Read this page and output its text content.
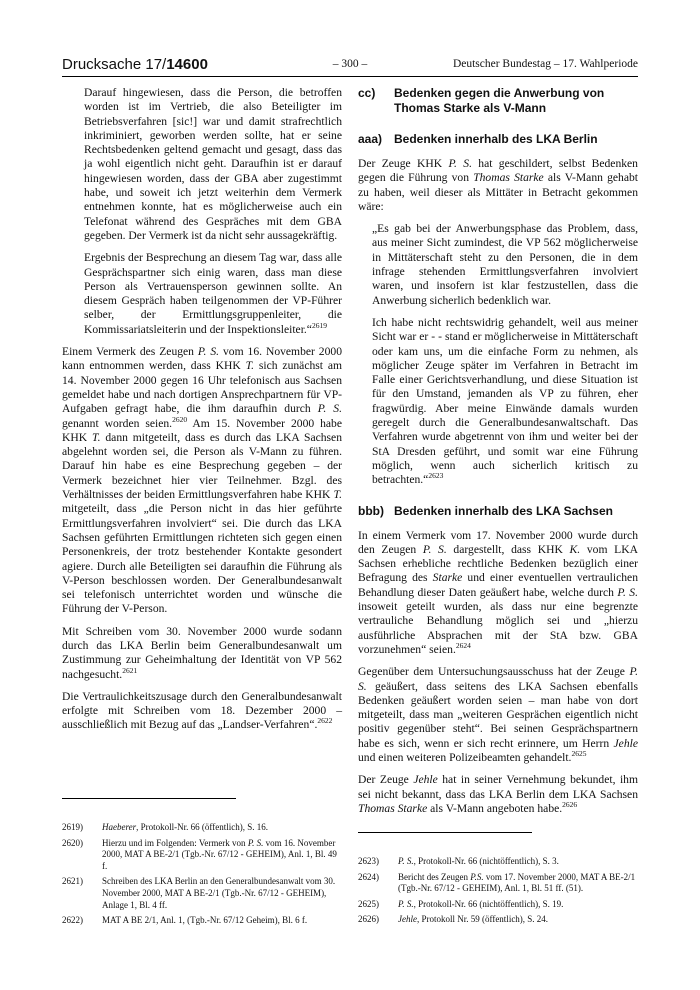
Drucksache 17/14600	– 300 –	Deutscher Bundestag – 17. Wahlperiode

Darauf hingewiesen, dass die Person, die betroffen worden ist im Vertrieb, die also Beteiligter im Betriebsverfahren [sic!] war und damit strafrechtlich inkriminiert, geworben werden sollte, hat er seine Rechtsbedenken geltend gemacht und gesagt, dass das ja wohl eigentlich nicht geht. Daraufhin ist er darauf hingewiesen worden, dass der GBA aber zugestimmt habe, und soweit ich jetzt weiterhin dem Vermerk entnehmen konnte, hat es möglicherweise auch ein Telefonat während des Gespräches mit dem GBA gegeben. Der Vermerk ist da nicht sehr aussagekräftig.

Ergebnis der Besprechung an diesem Tag war, dass alle Gesprächspartner sich einig waren, dass man diese Person als Vertrauensperson gewinnen sollte. An diesem Gespräch haben teilgenommen der VP-Führer selber, der Ermittlungsgruppenleiter, die Kommissariatsleiterin und der Inspektionsleiter.“$^{2619}$

Einem Vermerk des Zeugen P. S. vom 16. November 2000 kann entnommen werden, dass KHK T. sich zunächst am 14. November 2000 gegen 16 Uhr telefonisch aus Sachsen gemeldet habe und nach dortigen Ansprechpartnern für VP-Aufgaben gefragt habe, die ihm daraufhin durch P. S. genannt worden seien.$^{2620}$ Am 15. November 2000 habe KHK T. dann mitgeteilt, dass es durch das LKA Sachsen abgelehnt worden sei, die Person als V-Mann zu führen. Darauf hin habe es eine Besprechung gegeben – der Vermerk bezeichnet hier vier Teilnehmer. Bzgl. des Verhältnisses der beiden Ermittlungsverfahren habe KHK T. mitgeteilt, dass „die Person nicht in das hier geführte Ermittlungsverfahren involviert“ sei. Die durch das LKA Sachsen geführten Ermittlungen richteten sich gegen einen Personenkreis, der trotz bestehender Kontakte gesondert agiere. Durch alle Beteiligten sei daraufhin die Führung als V-Person beschlossen worden. Der Generalbundesanwalt sei telefonisch unterrichtet worden und wünsche die Führung der V-Person.

Mit Schreiben vom 30. November 2000 wurde sodann durch das LKA Berlin beim Generalbundesanwalt um Zustimmung zur Geheimhaltung der Identität von VP 562 nachgesucht.$^{2621}$

Die Vertraulichkeitszusage durch den Generalbundesanwalt erfolgte mit Schreiben vom 18. Dezember 2000 – ausschließlich mit Bezug auf das „Landser-Verfahren“.$^{2622}$

cc)	Bedenken gegen die Anwerbung von Thomas Starke als V-Mann
aaa) Bedenken innerhalb des LKA Berlin

Der Zeuge KHK P. S. hat geschildert, selbst Bedenken gegen die Führung von Thomas Starke als V-Mann gehabt zu haben, weil dieser als Mittäter in Betracht gekommen wäre:

„Es gab bei der Anwerbungsphase das Problem, dass, aus meiner Sicht zumindest, die VP 562 möglicherweise in Mittäterschaft steht zu den Personen, die in dem infrage stehenden Ermittlungsverfahren involviert waren, und insofern ist klar festzustellen, dass die Anwerbung sicherlich bedenklich war.

Ich habe nicht rechtswidrig gehandelt, weil aus meiner Sicht war er - - stand er möglicherweise in Mittäterschaft oder kam uns, um die einfache Form zu nehmen, als möglicher Zeuge später im Verfahren in Betracht im Falle einer Gerichtsverhandlung, und diese Situation ist für den Umstand, jemanden als VP zu führen, eher fragwürdig. Aber meine Einwände damals wurden geregelt durch die Generalbundesanwaltschaft. Das Verfahren wurde abgetrennt von ihm und weiter bei der StA Dresden geführt, und somit war eine Führung möglich, wenn auch sicherlich kritisch zu betrachten.“$^{2623}$

bbb) Bedenken innerhalb des LKA Sachsen

In einem Vermerk vom 17. November 2000 wurde durch den Zeugen P. S. dargestellt, dass KHK K. vom LKA Sachsen erhebliche rechtliche Bedenken bezüglich einer Befragung des Starke und einer eventuellen vertraulichen Behandlung dieser Daten geäußert habe, welche durch P. S. insoweit geteilt wurden, als dass nur eine begrenzte vertrauliche Behandlung möglich sei und „hierzu ausführliche Absprachen mit der StA bzw. GBA vorzunehmen“ seien.$^{2624}$

Gegenüber dem Untersuchungsausschuss hat der Zeuge P. S. geäußert, dass seitens des LKA Sachsen ebenfalls Bedenken geäußert worden seien – man habe von dort mitgeteilt, dass man „weiteren Gesprächen eigentlich nicht positiv gegenüber steht“. Bei seinen Gesprächspartnern habe es sich, wenn er sich recht erinnere, um Herrn Jehle und einen weiteren Polizeibeamten gehandelt.$^{2625}$

Der Zeuge Jehle hat in seiner Vernehmung bekundet, ihm sei nicht bekannt, dass das LKA Berlin dem LKA Sachsen Thomas Starke als V-Mann angeboten habe.$^{2626}$

2619)	Haeberer, Protokoll-Nr. 66 (öffentlich), S. 16.
2620)	Hierzu und im Folgenden: Vermerk von P. S. vom 16. November 2000, MAT A BE-2/1 (Tgb.-Nr. 67/12 - GEHEIM), Anl. 1, Bl. 49 f.
2621)	Schreiben des LKA Berlin an den Generalbundesanwalt vom 30. November 2000, MAT A BE-2/1 (Tgb.-Nr. 67/12 - GEHEIM), Anlage 1, Bl. 4 ff.
2622)	MAT A BE 2/1, Anl. 1, (Tgb.-Nr. 67/12 Geheim), Bl. 6 f.
2623)	P. S., Protokoll-Nr. 66 (nichtöffentlich), S. 3.
2624)	Bericht des Zeugen P.S. vom 17. November 2000, MAT A BE-2/1 (Tgb.-Nr. 67/12 - GEHEIM), Anl. 1, Bl. 51 ff. (51).
2625)	P. S., Protokoll-Nr. 66 (nichtöffentlich), S. 19.
2626)	Jehle, Protokoll Nr. 59 (öffentlich), S. 24.
